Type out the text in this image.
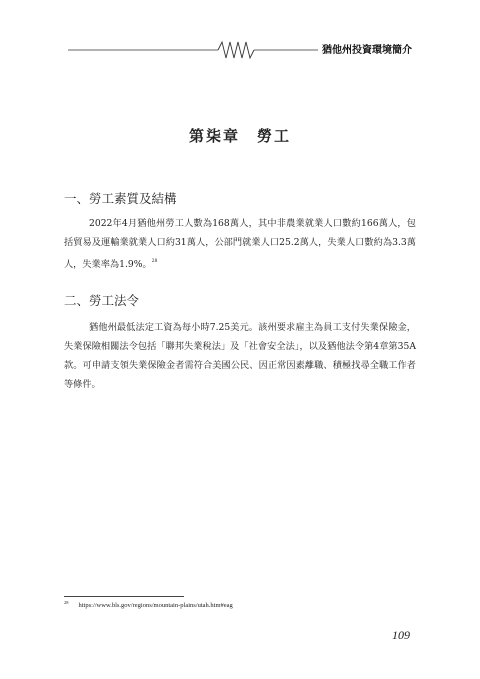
猶他州投資環境簡介
第柒章　勞工
一、勞工素質及結構
2022年4月猶他州勞工人數為168萬人，其中非農業就業人口數約166萬人，包括貿易及運輸業就業人口約31萬人，公部門就業人口25.2萬人，失業人口數約為3.3萬人，失業率為1.9%。$^{28}$
二、勞工法令
猶他州最低法定工資為每小時7.25美元。該州要求雇主為員工支付失業保險金，失業保險相關法令包括「聯邦失業稅法」及「社會安全法」，以及猶他法令第4章第35A款。可申請支領失業保險金者需符合美國公民、因正常因素離職、積極找尋全職工作者等條件。
$^{28}$ https://www.bls.gov/regions/mountain-plains/utah.htm#eag
109
